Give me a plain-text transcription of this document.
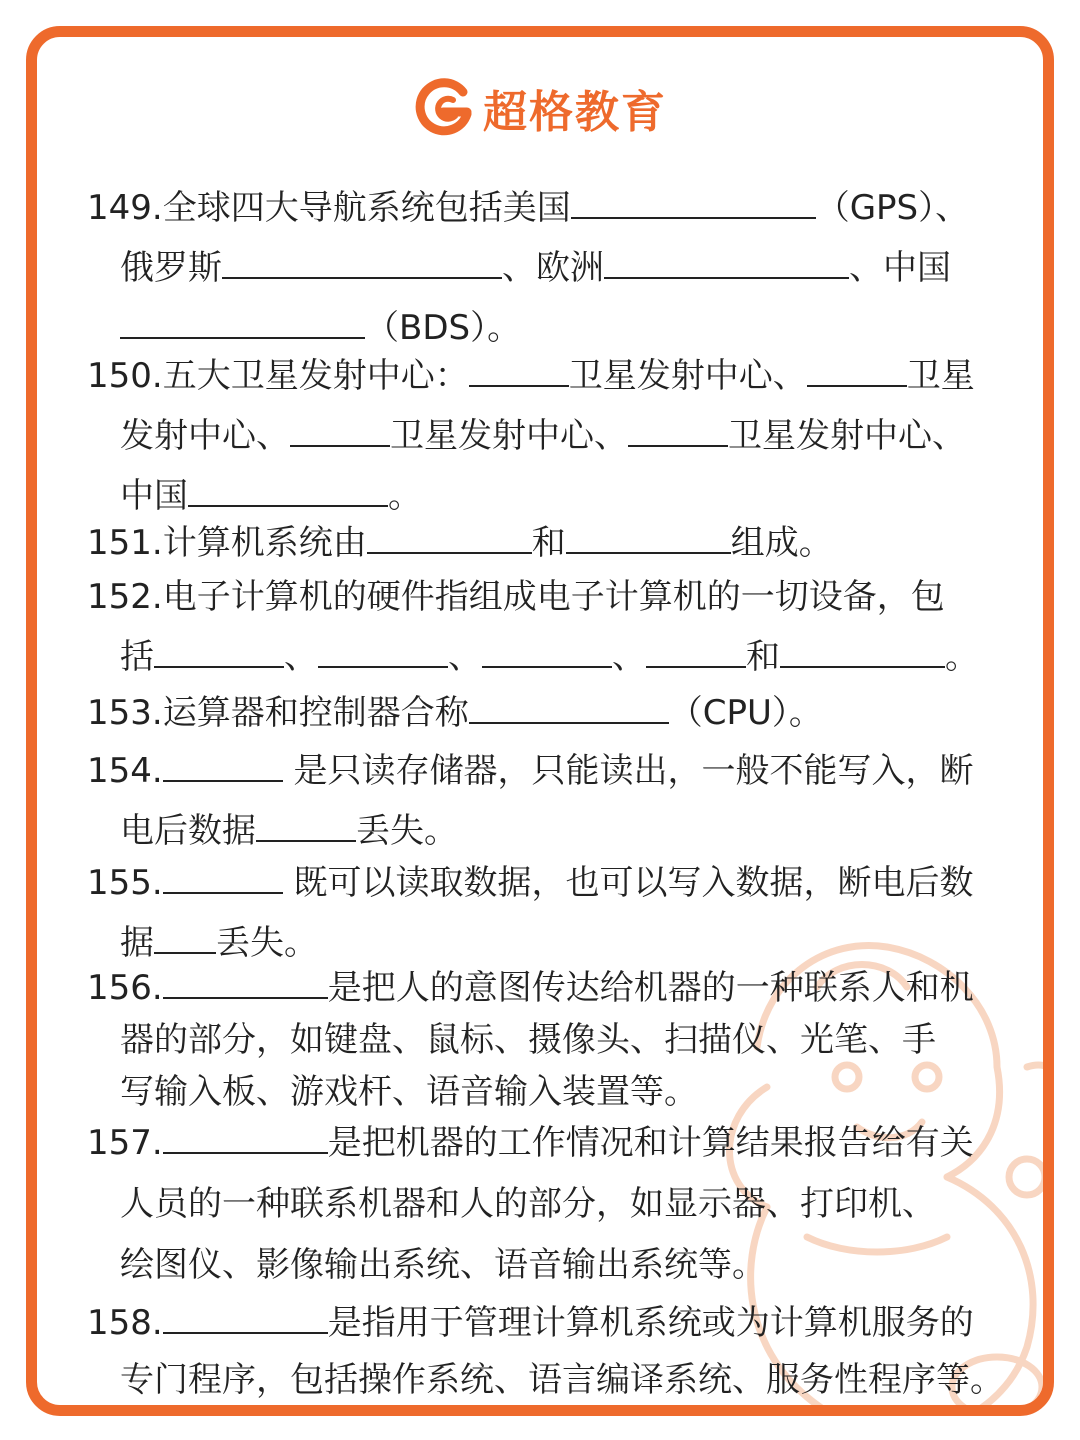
超格教育
149.全球四大导航系统包括美国	（GPS）、
俄罗斯	、欧洲	、中国
（BDS）。
150.五大卫星发射中心：	卫星发射中心、	卫星
发射中心、	卫星发射中心、	卫星发射中心、
中国	。
151.计算机系统由	和	组成。
152.电子计算机的硬件指组成电子计算机的一切设备，包
括	、	、	、	和	。
153.运算器和控制器合称	（CPU）。
154.	是只读存储器，只能读出，一般不能写入，断
电后数据	丢失。
155.	既可以读取数据，也可以写入数据，断电后数
据 丢失。
156.	是把人的意图传达给机器的一种联系人和机
器的部分，如键盘、鼠标、摄像头、扫描仪、光笔、手
写输入板、游戏杆、语音输入装置等。
157.	是把机器的工作情况和计算结果报告给有关
人员的一种联系机器和人的部分，如显示器、打印机、
绘图仪、影像输出系统、语音输出系统等。
158.	是指用于管理计算机系统或为计算机服务的
专门程序，包括操作系统、语言编译系统、服务性程序等。
